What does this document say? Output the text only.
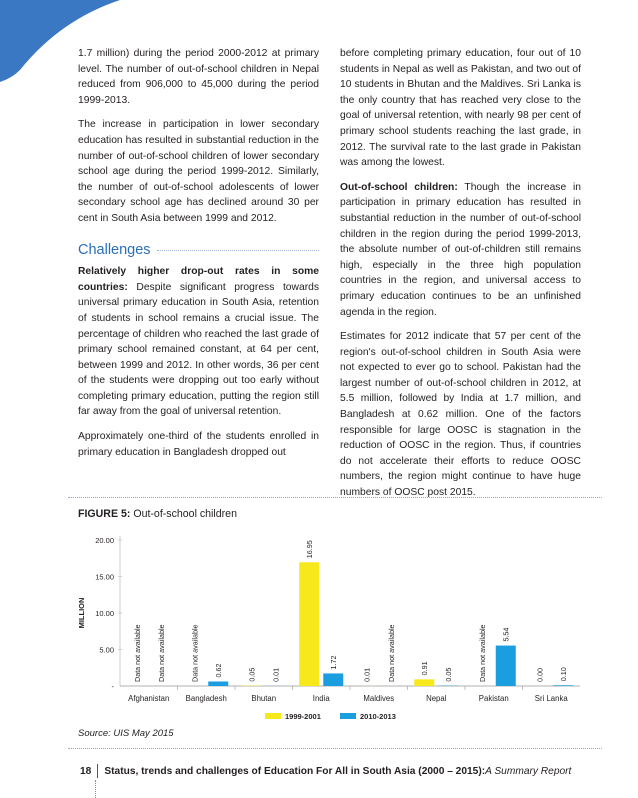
1.7 million) during the period 2000-2012 at primary level. The number of out-of-school children in Nepal reduced from 906,000 to 45,000 during the period 1999-2013.

The increase in participation in lower secondary education has resulted in substantial reduction in the number of out-of-school children of lower secondary school age during the period 1999-2012. Similarly, the number of out-of-school adolescents of lower secondary school age has declined around 30 per cent in South Asia between 1999 and 2012.

Challenges

Relatively higher drop-out rates in some countries: Despite significant progress towards universal primary education in South Asia, retention of students in school remains a crucial issue. The percentage of children who reached the last grade of primary school remained constant, at 64 per cent, between 1999 and 2012. In other words, 36 per cent of the students were dropping out too early without completing primary education, putting the region still far away from the goal of universal retention.

Approximately one-third of the students enrolled in primary education in Bangladesh dropped out

before completing primary education, four out of 10 students in Nepal as well as Pakistan, and two out of 10 students in Bhutan and the Maldives. Sri Lanka is the only country that has reached very close to the goal of universal retention, with nearly 98 per cent of primary school students reaching the last grade, in 2012. The survival rate to the last grade in Pakistan was among the lowest.

Out-of-school children: Though the increase in participation in primary education has resulted in substantial reduction in the number of out-of-school children in the region during the period 1999-2013, the absolute number of out-of-children still remains high, especially in the three high population countries in the region, and universal access to primary education continues to be an unfinished agenda in the region.

Estimates for 2012 indicate that 57 per cent of the region's out-of-school children in South Asia were not expected to ever go to school. Pakistan had the largest number of out-of-school children in 2012, at 5.5 million, followed by India at 1.7 million, and Bangladesh at 0.62 million. One of the factors responsible for large OOSC is stagnation in the reduction of OOSC in the region. Thus, if countries do not accelerate their efforts to reduce OOSC numbers, the region might continue to have huge numbers of OOSC post 2015.

FIGURE 5: Out-of-school children
MILLION
-
5.00
10.00
15.00
20.00
Afghanistan
Data not available Data not available
Bangladesh
Data not available 0.62
Bhutan
0.05 0.01
India
16.95
1.72
Maldives
0.01 Data not available
Nepal
0.91 0.05
Pakistan
Data not available 5.54
Sri Lanka
0.00 0.10
1999-2001	2010-2013
Source: UIS May 2015
18 Status, trends and challenges of Education For All in South Asia (2000 – 2015): A Summary Report
